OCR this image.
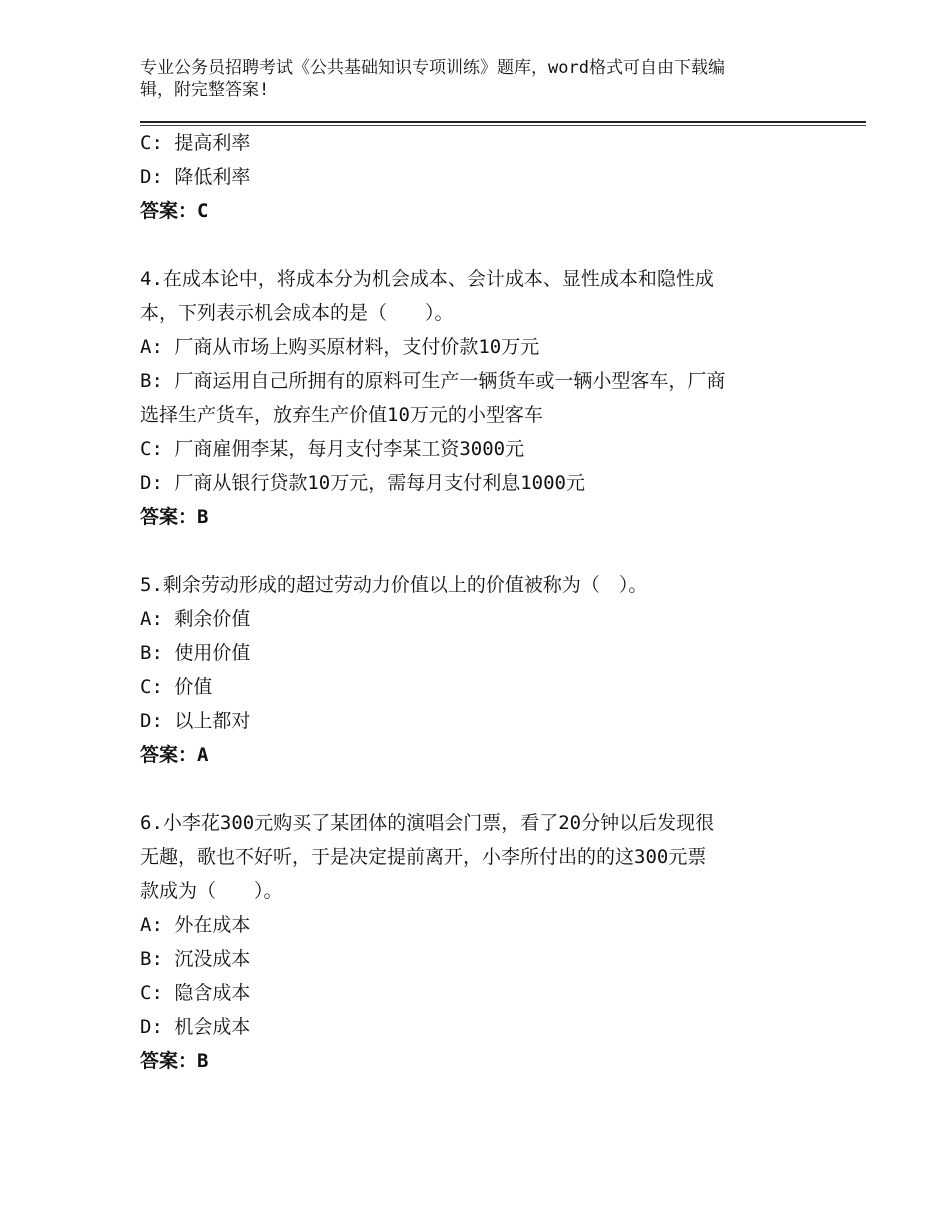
专业公务员招聘考试《公共基础知识专项训练》题库，word格式可自由下载编
辑，附完整答案!
C: 提高利率
D: 降低利率
答案：C
4.在成本论中，将成本分为机会成本、会计成本、显性成本和隐性成
本，下列表示机会成本的是（　　）。
A: 厂商从市场上购买原材料，支付价款10万元
B: 厂商运用自己所拥有的原料可生产一辆货车或一辆小型客车，厂商
选择生产货车，放弃生产价值10万元的小型客车
C: 厂商雇佣李某，每月支付李某工资3000元
D: 厂商从银行贷款10万元，需每月支付利息1000元
答案：B
5.剩余劳动形成的超过劳动力价值以上的价值被称为（　）。
A: 剩余价值
B: 使用价值
C: 价值
D: 以上都对
答案：A
6.小李花300元购买了某团体的演唱会门票，看了20分钟以后发现很
无趣，歌也不好听，于是决定提前离开，小李所付出的的这300元票
款成为（　　）。
A: 外在成本
B: 沉没成本
C: 隐含成本
D: 机会成本
答案：B
